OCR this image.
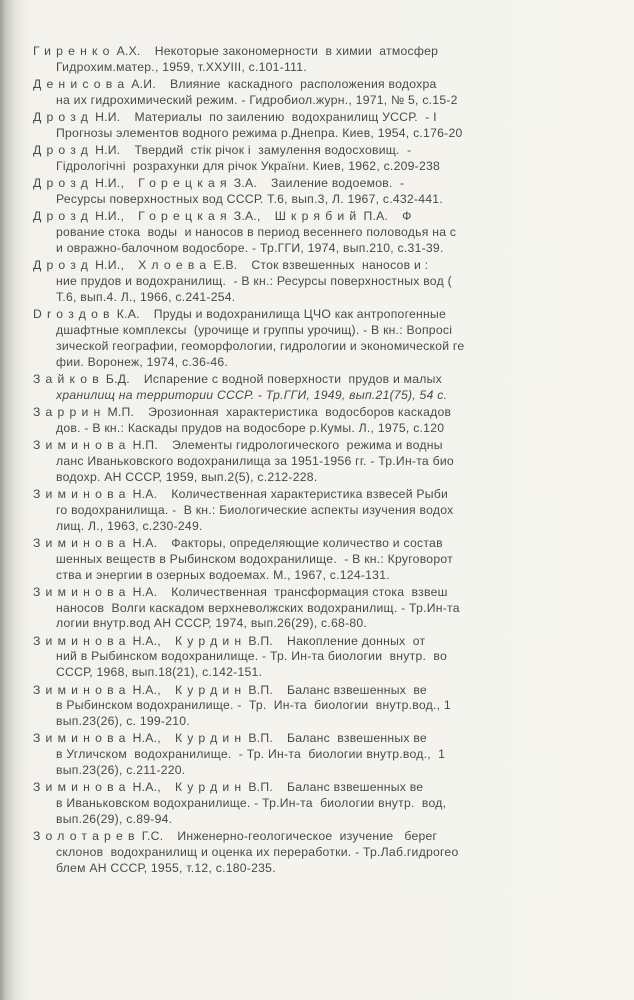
Гиренко А.Х. Некоторые закономерности  в химии  атмосфер
Гидрохим.матер., 1959, т.XXУIII, с.101-111.
Денисова А.И. Влияние  каскадного  расположения водохра
на их гидрохимический режим. - Гидробиол.журн., 1971, № 5, с.15-2
Дрозд Н.И. Материалы  по заилению  водохранилищ УССР.  - I
Прогнозы элементов водного режима р.Днепра. Киев, 1954, с.176-20
Дрозд Н.И. Твердий  стік річок і  замулення водосховищ.  -
Гідрологічні  розрахунки для річок України. Киев, 1962, с.209-238
Дрозд Н.И., Горецкая З.А. Заиление водоемов.  -
Ресурсы поверхностных вод СССР. Т.6, вып.3, Л. 1967, с.432-441.
Дрозд Н.И., Горецкая З.А., Шкрябий П.А. Ф
рование стока  воды  и наносов в период весеннего половодья на с
и овражно-балочном водосборе. - Тр.ГГИ, 1974, вып.210, с.31-39.
Дрозд Н.И., Хлоева Е.В. Сток взвешенных  наносов и :
ние прудов и водохранилищ.  - В кн.: Ресурсы поверхностных вод (
Т.6, вып.4. Л., 1966, с.241-254.
Droздов К.А. Пруды и водохранилища ЦЧО как антропогенные
дшафтные комплексы  (урочище и группы урочищ). - В кн.: Вопросі
зической географии, геоморфологии, гидрологии и экономической ге
фии. Воронеж, 1974, с.36-46.
Зайков Б.Д. Испарение с водной поверхности  прудов и малых
хранилищ на территории СССР. - Тр.ГГИ, 1949, вып.21(75), 54 с.
Заррин М.П. Эрозионная  характеристика  водосборов каскадов
дов. - В кн.: Каскады прудов на водосборе р.Кумы. Л., 1975, с.120
Зиминова Н.П. Элементы гидрологического  режима и водны
ланс Иваньковского водохранилища за 1951-1956 гг. - Тр.Ин-та био
водохр. АН СССР, 1959, вып.2(5), с.212-228.
Зиминова Н.А. Количественная характеристика взвесей Рыби
го водохранилища. -  В кн.: Биологические аспекты изучения водох
лищ. Л., 1963, с.230-249.
Зиминова Н.А. Факторы, определяющие количество и состав
шенных веществ в Рыбинском водохранилище.  - В кн.: Круговорот
ства и энергии в озерных водоемах. М., 1967, с.124-131.
Зиминова Н.А. Количественная  трансформация стока  взвеш
наносов  Волги каскадом верхневолжских водохранилищ. - Тр.Ин-та
логии внутр.вод АН СССР, 1974, вып.26(29), с.68-80.
Зиминова Н.А., Курдин В.П. Накопление донных  от
ний в Рыбинском водохранилище. - Тр. Ин-та биологии  внутр.  во
СССР, 1968, вып.18(21), с.142-151.
Зиминова Н.А., Курдин В.П. Баланс взвешенных  ве
в Рыбинском водохранилище. -  Тр.  Ин-та  биологии  внутр.вод., 1
вып.23(26), с. 199-210.
Зиминова Н.А., Курдин В.П. Баланс  взвешенных ве
в Угличском  водохранилище.  - Тр. Ин-та  биологии внутр.вод.,  1
вып.23(26), с.211-220.
Зиминова Н.А., Курдин В.П. Баланс взвешенных ве
в Иваньковском водохранилище. - Тр.Ин-та  биологии внутр.  вод,
вып.26(29), с.89-94.
Золотарев Г.С. Инженерно-геологическое  изучение   берег
склонов  водохранилищ и оценка их переработки. - Тр.Лаб.гидрогео
блем АН СССР, 1955, т.12, с.180-235.
